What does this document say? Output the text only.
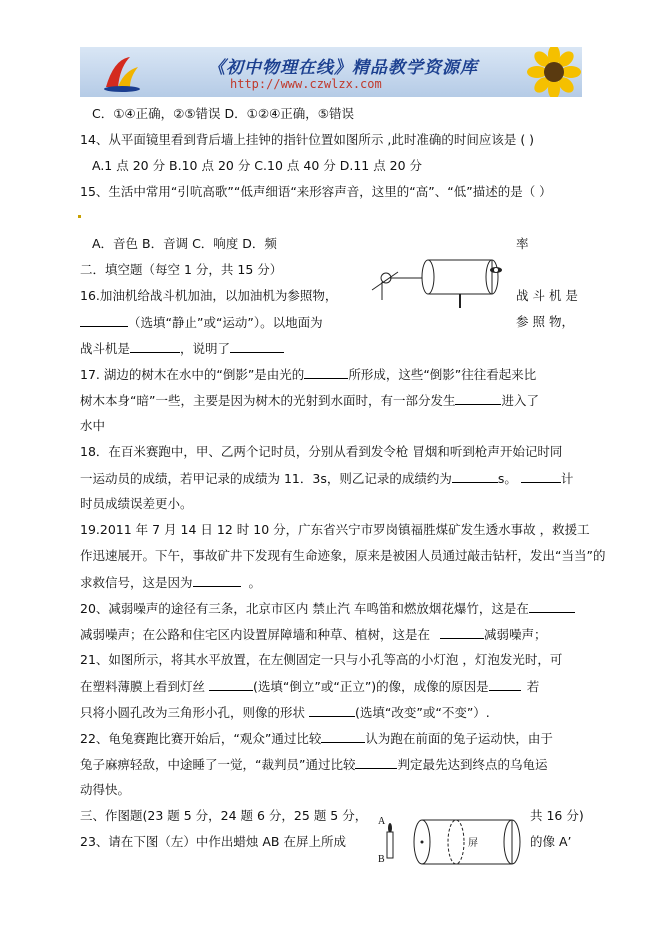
《初中物理在线》精品教学资源库
http://www.czwlzx.com
C．①④正确，②⑤错误 D．①②④正确，⑤错误
14、从平面镜里看到背后墙上挂钟的指针位置如图所示 ,此时准确的时间应该是 ( )
A.1 点 20 分 B.10 点 20 分 C.10 点 40 分 D.11 点 20 分
15、生活中常用“引吭高歌”“低声细语“来形容声音，这里的“高”、“低”描述的是（ ）
A．音色 B．音调 C．响度 D．频	率
二．填空题（每空 1 分，共 15 分）
16.加油机给战斗机加油，以加油机为参照物，	战 斗 机 是
（选填“静止”或“运动”）。以地面为	参 照 物，
战斗机是	，说明了
17. 湖边的树木在水中的“倒影”是由光的	所形成，这些“倒影”往往看起来比
树木本身“暗”一些，主要是因为树木的光射到水面时，有一部分发生	进入了
水中
18．在百米赛跑中，甲、乙两个记时员，分别从看到发令枪 冒烟和听到枪声开始记时同
一运动员的成绩，若甲记录的成绩为 11．3s，则乙记录的成绩约为	s。	计
时员成绩误差更小。
19.2011 年 7 月 14 日 12 时 10 分，广东省兴宁市罗岗镇福胜煤矿发生透水事故 ，救援工
作迅速展开。下午，事故矿井下发现有生命迹象，原来是被困人员通过敲击钻杆，发出“当当”的
求救信号，这是因为	。
20、减弱噪声的途径有三条，北京市区内 禁止汽 车鸣笛和燃放烟花爆竹，这是在
减弱噪声；在公路和住宅区内设置屏障墙和种草、植树，这是在	减弱噪声；
21、如图所示，将其水平放置，在左侧固定一只与小孔等高的小灯泡 ，灯泡发光时，可
在塑料薄膜上看到灯丝	(选填“倒立”或“正立”)的像，成像的原因是	若
只将小圆孔改为三角形小孔，则像的形状	(选填“改变”或“不变”）.
22、龟兔赛跑比赛开始后，“观众”通过比较	认为跑在前面的兔子运动快，由于
兔子麻痹轻敌，中途睡了一觉，“裁判员”通过比较	判定最先达到终点的乌龟运
动得快。
三、作图题(23 题 5 分，24 题 6 分，25 题 5 分，	共 16 分)
23、请在下图（左）中作出蜡烛 AB 在屏上所成	的像 A’
A
B
屏
